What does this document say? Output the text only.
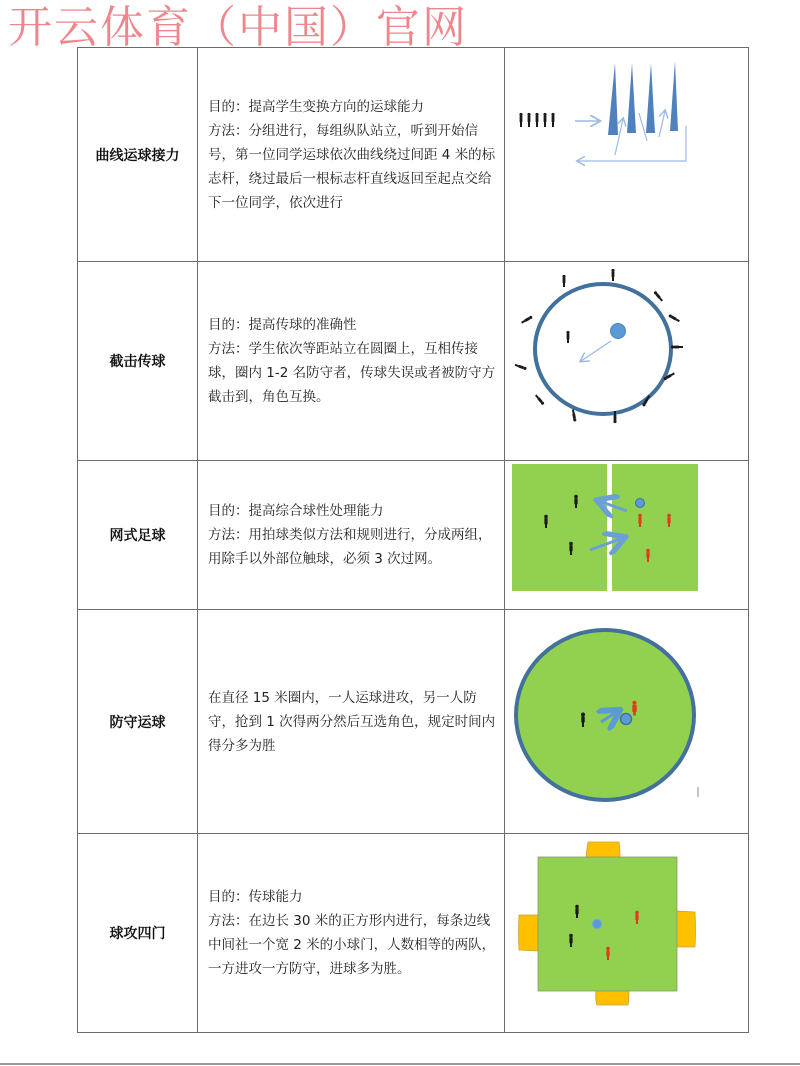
开云体育（中国）官网
曲线运球接力	目的：提高学生变换方向的运球能力

方法：分组进行，每组纵队站立，听到开始信号，第一位同学运球依次曲线绕过间距 4 米的标志杆，绕过最后一根标志杆直线返回至起点交给下一位同学，依次进行

截击传球	目的：提高传球的准确性

方法：学生依次等距站立在圆圈上，互相传接球，圈内 1-2 名防守者，传球失误或者被防守方截击到，角色互换。

网式足球	目的：提高综合球性处理能力

方法：用拍球类似方法和规则进行，分成两组，用除手以外部位触球，必须 3 次过网。

防守运球	在直径 15 米圈内，一人运球进攻，另一人防守，抢到 1 次得两分然后互选角色，规定时间内得分多为胜

球攻四门	目的：传球能力

方法：在边长 30 米的正方形内进行，每条边线中间社一个宽 2 米的小球门，人数相等的两队，一方进攻一方防守，进球多为胜。
